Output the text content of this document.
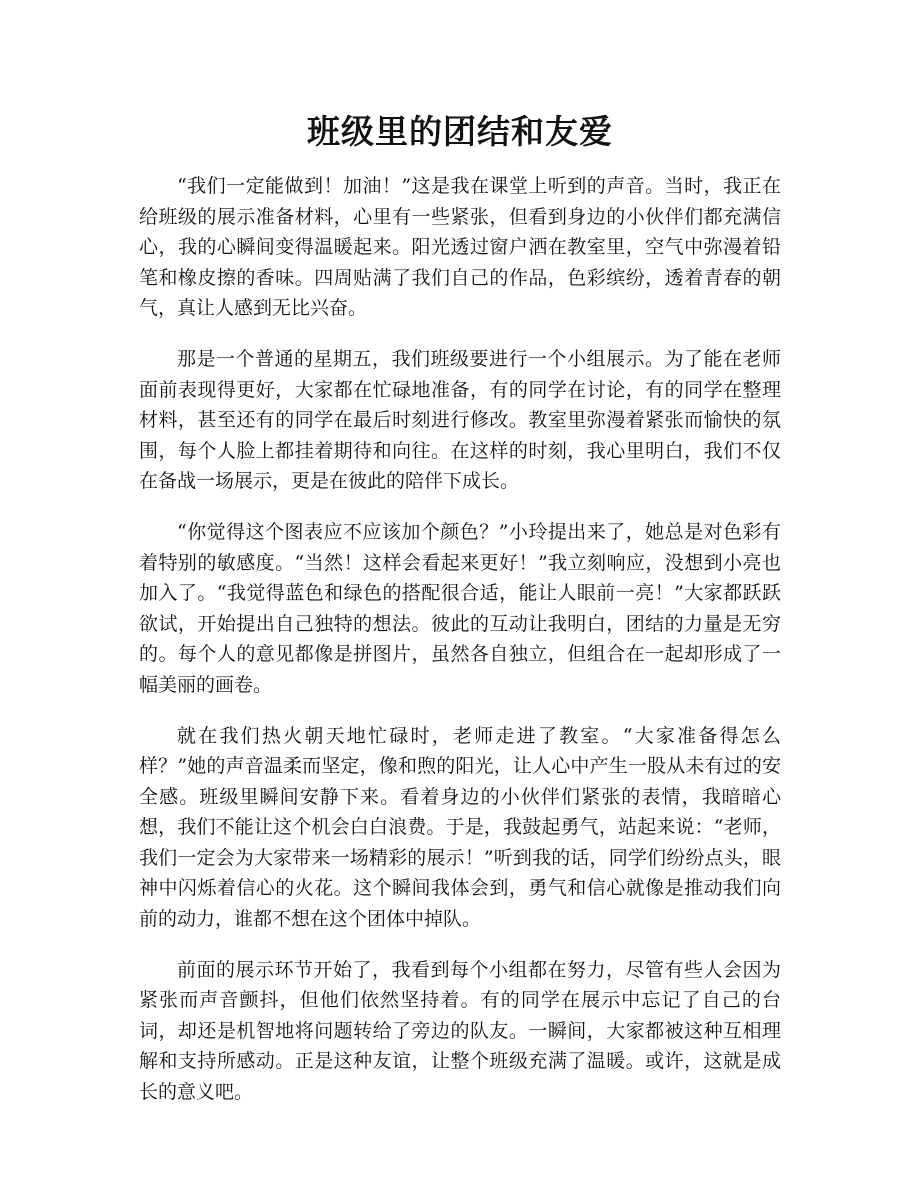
班级里的团结和友爱

“我们一定能做到！加油！”这是我在课堂上听到的声音。当时，我正在给班级的展示准备材料，心里有一些紧张，但看到身边的小伙伴们都充满信心，我的心瞬间变得温暖起来。阳光透过窗户洒在教室里，空气中弥漫着铅笔和橡皮擦的香味。四周贴满了我们自己的作品，色彩缤纷，透着青春的朝气，真让人感到无比兴奋。

那是一个普通的星期五，我们班级要进行一个小组展示。为了能在老师面前表现得更好，大家都在忙碌地准备，有的同学在讨论，有的同学在整理材料，甚至还有的同学在最后时刻进行修改。教室里弥漫着紧张而愉快的氛围，每个人脸上都挂着期待和向往。在这样的时刻，我心里明白，我们不仅在备战一场展示，更是在彼此的陪伴下成长。

“你觉得这个图表应不应该加个颜色？”小玲提出来了，她总是对色彩有着特别的敏感度。“当然！这样会看起来更好！”我立刻响应，没想到小亮也加入了。“我觉得蓝色和绿色的搭配很合适，能让人眼前一亮！”大家都跃跃欲试，开始提出自己独特的想法。彼此的互动让我明白，团结的力量是无穷的。每个人的意见都像是拼图片，虽然各自独立，但组合在一起却形成了一幅美丽的画卷。

就在我们热火朝天地忙碌时，老师走进了教室。“大家准备得怎么样？”她的声音温柔而坚定，像和煦的阳光，让人心中产生一股从未有过的安全感。班级里瞬间安静下来。看着身边的小伙伴们紧张的表情，我暗暗心想，我们不能让这个机会白白浪费。于是，我鼓起勇气，站起来说：“老师，我们一定会为大家带来一场精彩的展示！”听到我的话，同学们纷纷点头，眼神中闪烁着信心的火花。这个瞬间我体会到，勇气和信心就像是推动我们向前的动力，谁都不想在这个团体中掉队。

前面的展示环节开始了，我看到每个小组都在努力，尽管有些人会因为紧张而声音颤抖，但他们依然坚持着。有的同学在展示中忘记了自己的台词，却还是机智地将问题转给了旁边的队友。一瞬间，大家都被这种互相理解和支持所感动。正是这种友谊，让整个班级充满了温暖。或许，这就是成长的意义吧。
